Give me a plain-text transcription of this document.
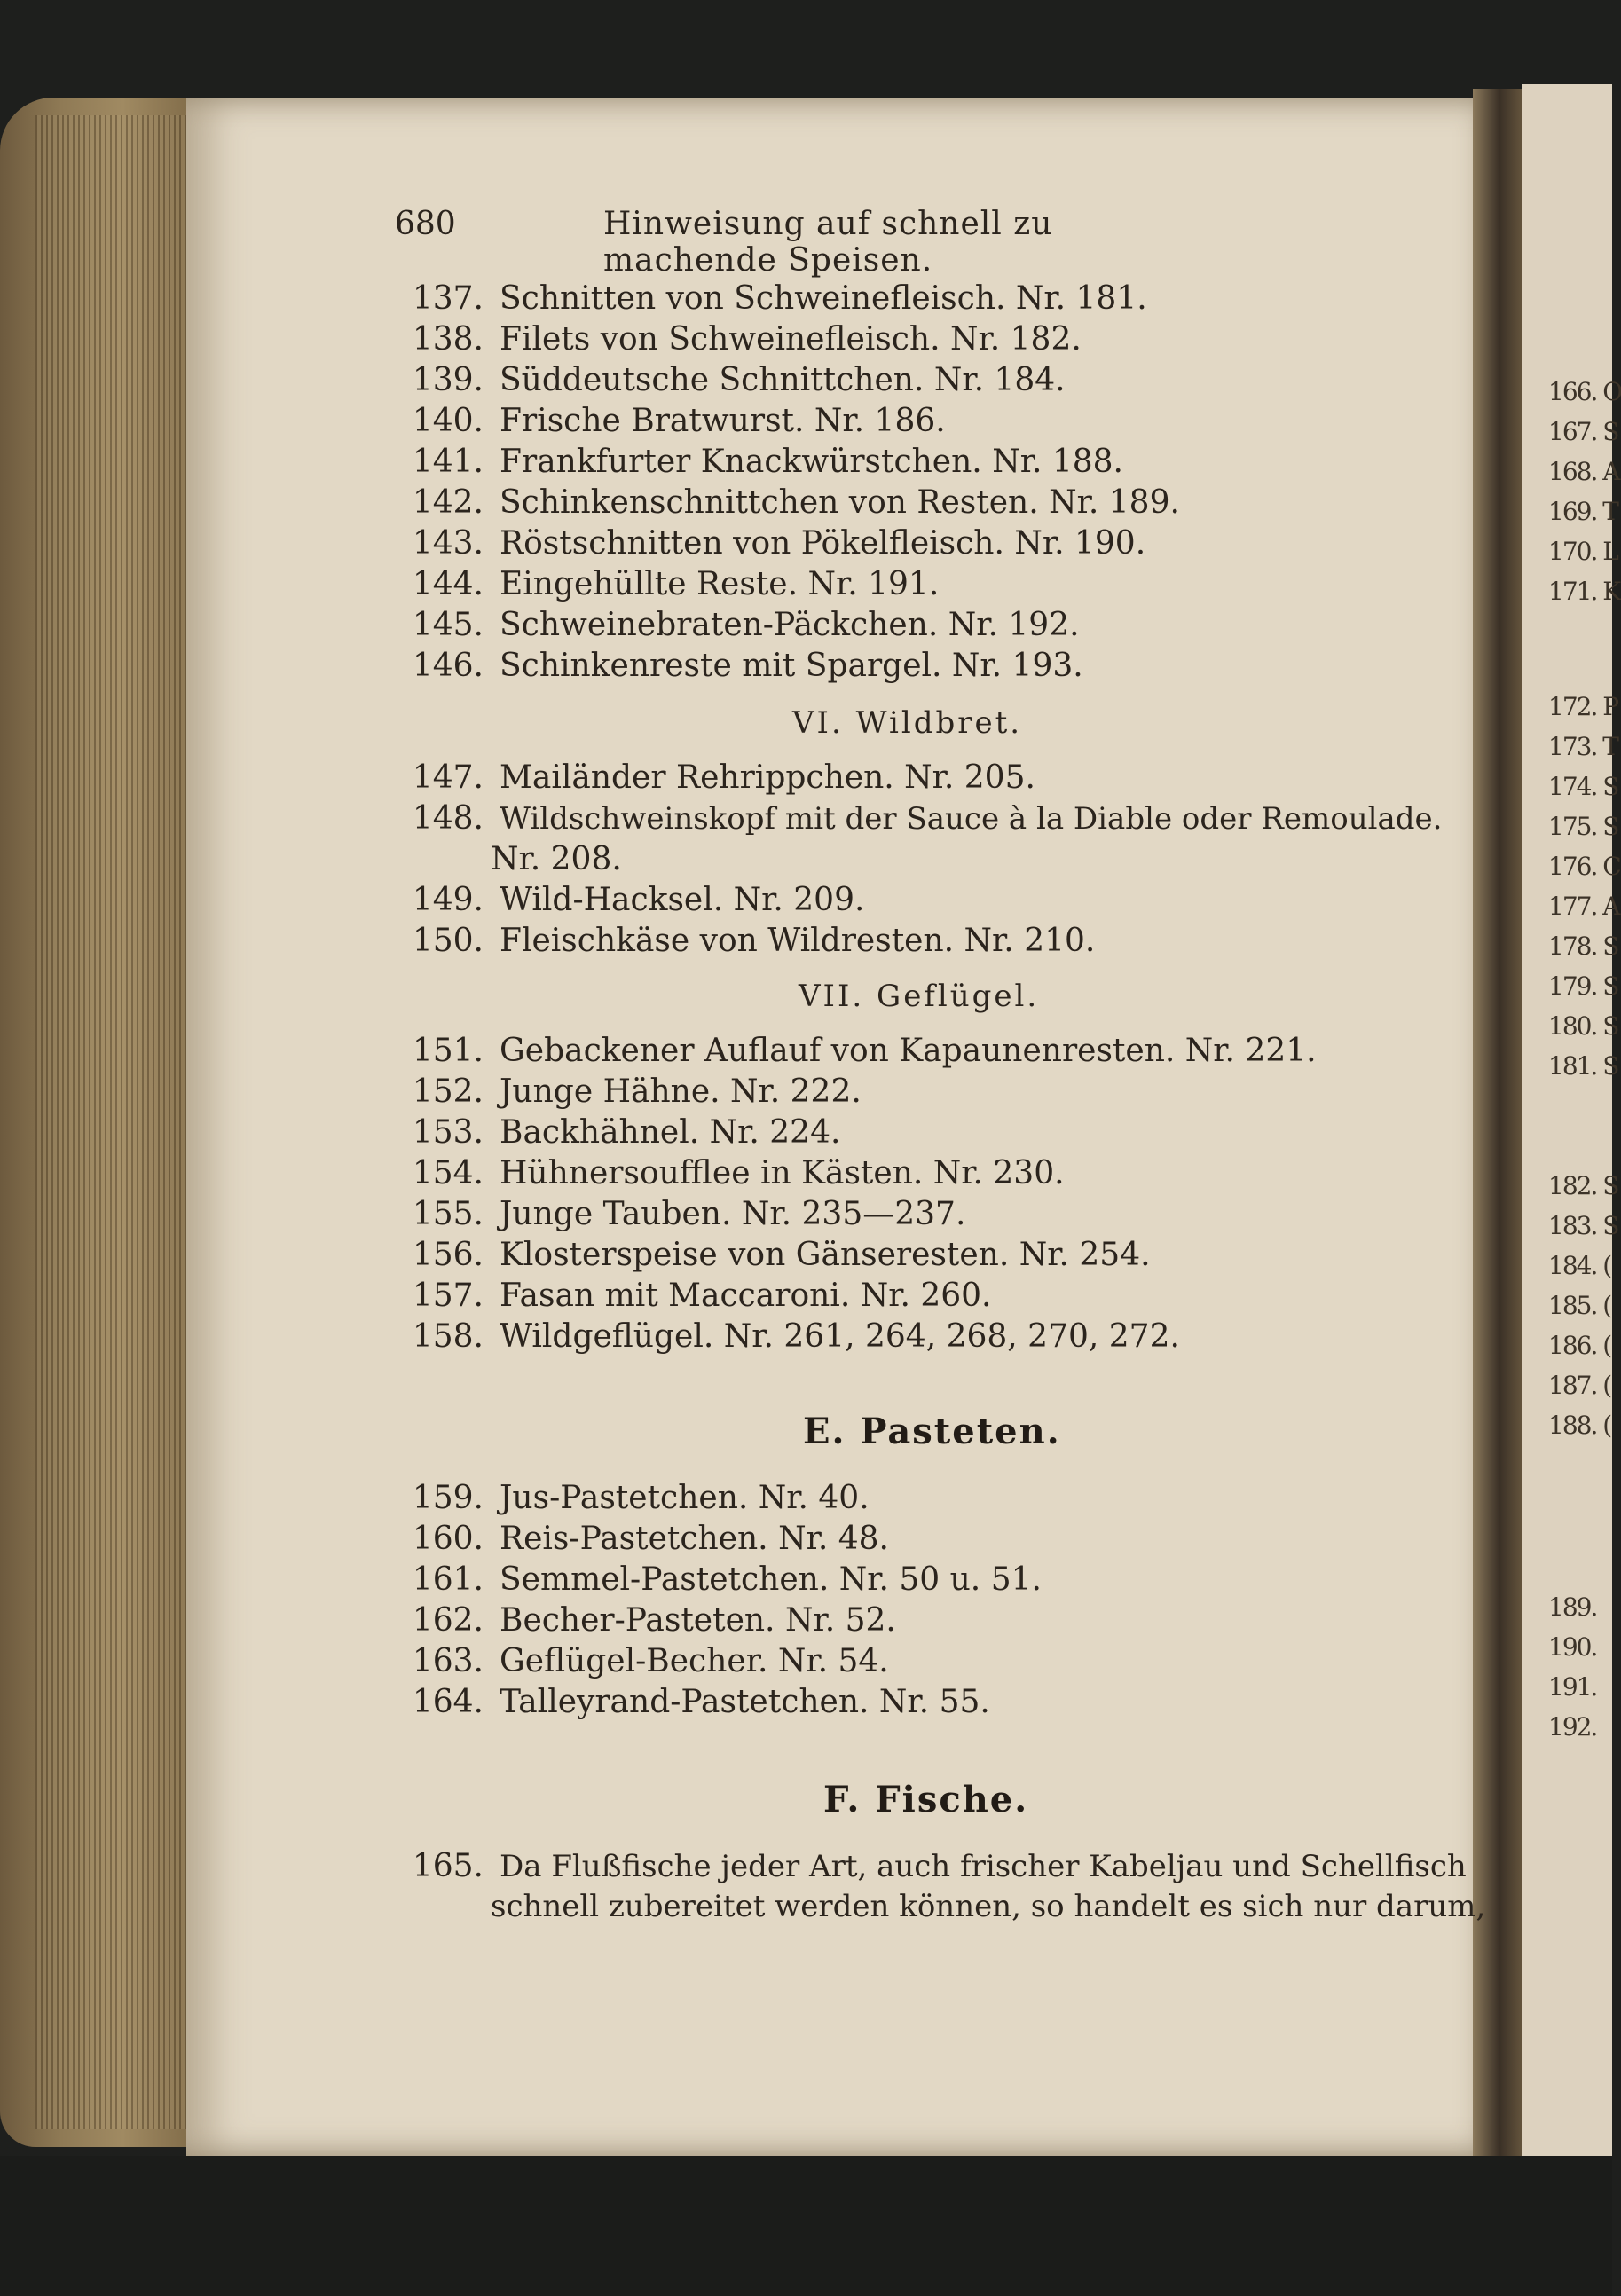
166. O
167. S
168. A
169. T
170. L
171. K
172. P
173. T
174. S
175. S
176. C
177. A
178. S
179. S
180. S
181. S
182. S
183. S
184. (
185. (
186. (
187. (
188. (
189.
190.
191.
192.
680	Hinweisung auf schnell zu machende Speisen.
137. Schnitten von Schweinefleisch. Nr. 181.
138. Filets von Schweinefleisch. Nr. 182.
139. Süddeutsche Schnittchen. Nr. 184.
140. Frische Bratwurst. Nr. 186.
141. Frankfurter Knackwürstchen. Nr. 188.
142. Schinkenschnittchen von Resten. Nr. 189.
143. Röstschnitten von Pökelfleisch. Nr. 190.
144. Eingehüllte Reste. Nr. 191.
145. Schweinebraten-Päckchen. Nr. 192.
146. Schinkenreste mit Spargel. Nr. 193.
VI. Wildbret.
147. Mailänder Rehrippchen. Nr. 205.
148. Wildschweinskopf mit der Sauce à la Diable oder Remoulade.
Nr. 208.
149. Wild-Hacksel. Nr. 209.
150. Fleischkäse von Wildresten. Nr. 210.
VII. Geflügel.
151. Gebackener Auflauf von Kapaunenresten. Nr. 221.
152. Junge Hähne. Nr. 222.
153. Backhähnel. Nr. 224.
154. Hühnersoufflee in Kästen. Nr. 230.
155. Junge Tauben. Nr. 235—237.
156. Klosterspeise von Gänseresten. Nr. 254.
157. Fasan mit Maccaroni. Nr. 260.
158. Wildgeflügel. Nr. 261, 264, 268, 270, 272.
E. Pasteten.
159. Jus-Pastetchen. Nr. 40.
160. Reis-Pastetchen. Nr. 48.
161. Semmel-Pastetchen. Nr. 50 u. 51.
162. Becher-Pasteten. Nr. 52.
163. Geflügel-Becher. Nr. 54.
164. Talleyrand-Pastetchen. Nr. 55.
F. Fische.
165. Da Flußfische jeder Art, auch frischer Kabeljau und Schellfisch
schnell zubereitet werden können, so handelt es sich nur darum,
